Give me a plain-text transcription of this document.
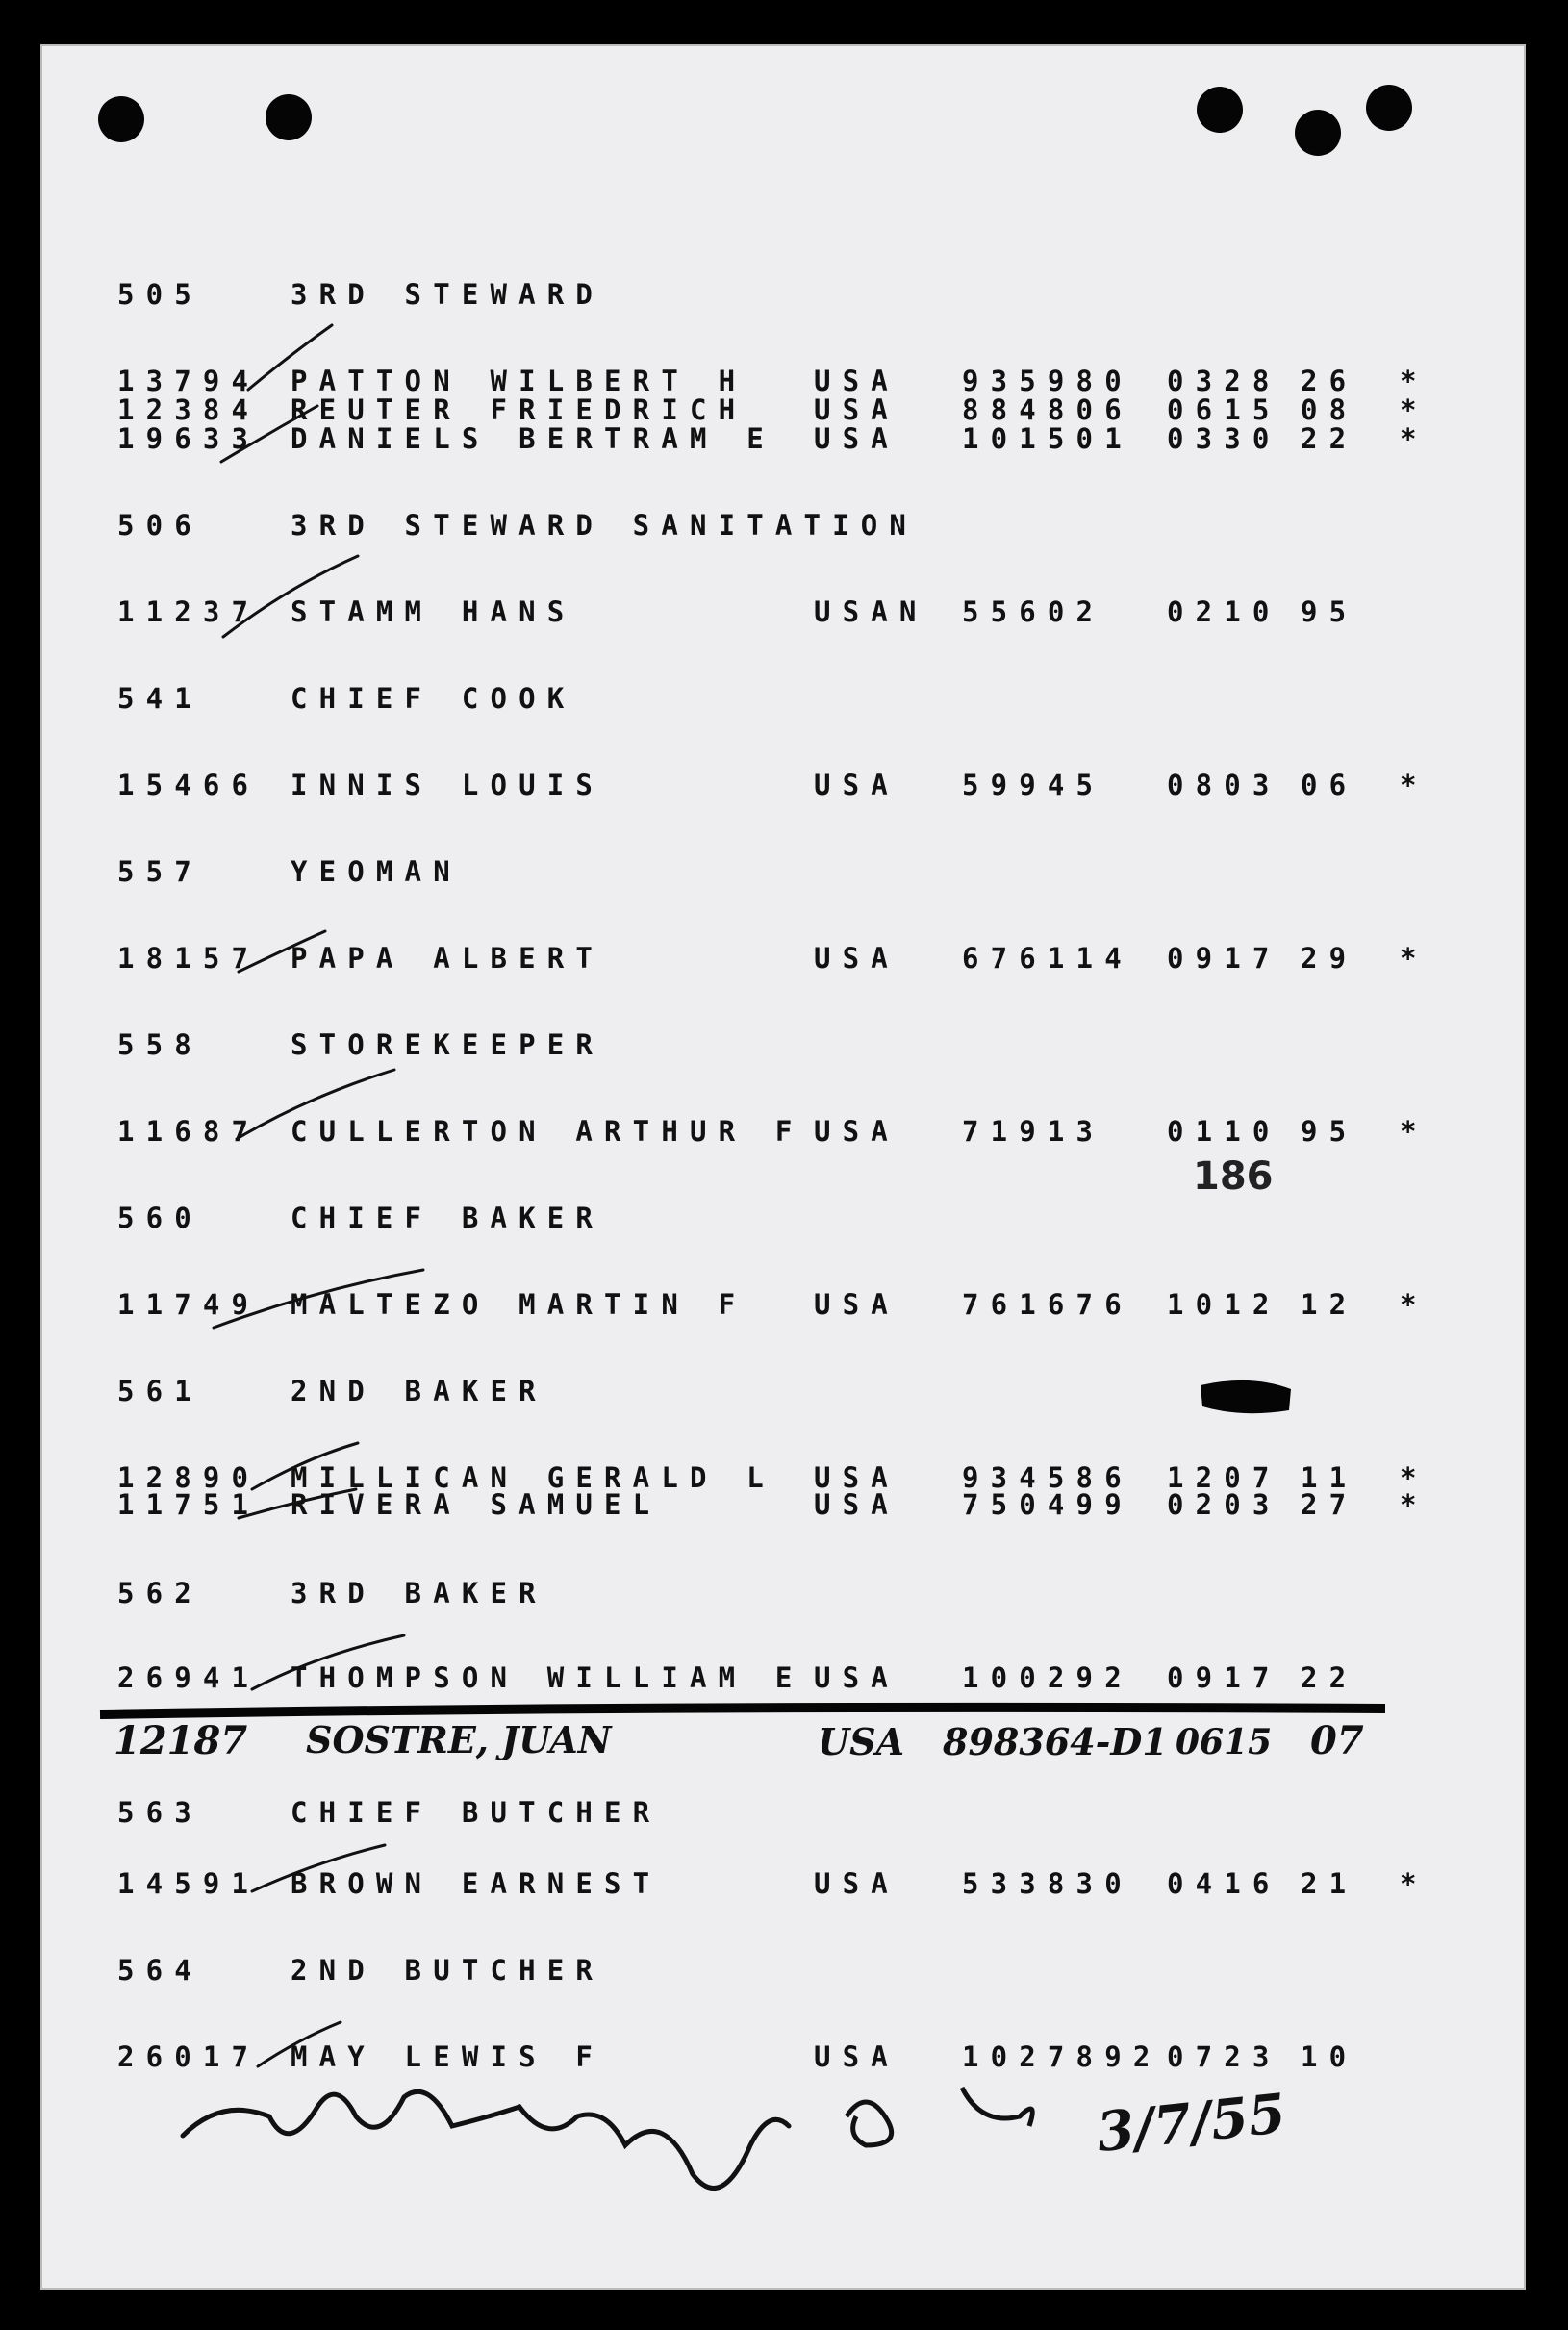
505	3RD STEWARD
13794 PATTON WILBERT H USA 935980 0328 26 *
12384 REUTER FRIEDRICH USA 884806 0615 08 *
19633 DANIELS BERTRAM E USA 101501 0330 22 *
506	3RD STEWARD SANITATION
11237 STAMM HANS	USAN 55602 0210 95
541	CHIEF COOK
15466 INNIS LOUIS	USA 59945 0803 06 *
557	YEOMAN
18157 PAPA ALBERT	USA 676114 0917 29 *
558	STOREKEEPER
11687 CULLERTON ARTHUR F USA 71913 0110 95 *
560	CHIEF BAKER
11749 MALTEZO MARTIN F USA 761676 1012 12 *
561	2ND BAKER
12890 MILLICAN GERALD L USA 934586 1207 11 *
11751 RIVERA SAMUEL	USA 750499 0203 27 *
562	3RD BAKER
26941 THOMPSON WILLIAM E USA 100292 0917 22
563	CHIEF BUTCHER
14591 BROWN EARNEST	USA 533830 0416 21 *
564	2ND BUTCHER
26017 MAY LEWIS F	USA 1027892 0723 10
12187 SOSTRE, JUAN	USA 898364-D1 0615 07
186
3/7/55
